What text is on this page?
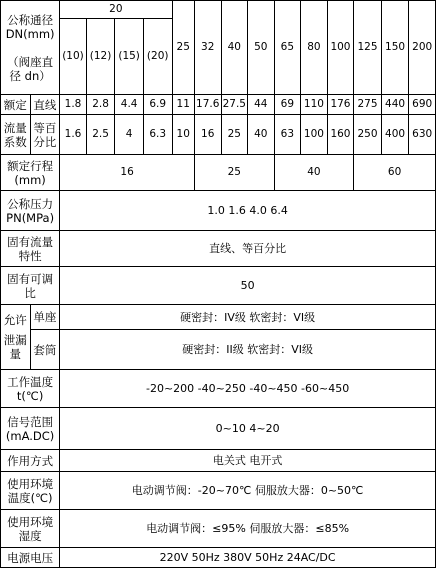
公称通径
DN(mm)
（阀座直
径 dn）		20				25	32	40	50	65	80	100	125	150	200
		(10)	(12)	(15)	(20)										
额定	直线	1.8	2.8	4.4	6.9	11	17.6	27.5	44	69	110	176	275	440	690

流量
系数	等百
分比	1.6	2.5	4	6.3	10	16	25	40	63	100	160	250	400	630

额定行程
(mm)		16					25			40			60		

公称压力
PN(MPa)		1.0 1.6 4.0 6.4													

固有流量
特性		直线、等百分比													

固有可调
比		50													

允许
泄漏
量	单座	硬密封：IV级 软密封：VI级													
	套筒	硬密封：II级 软密封：VI级													

工作温度
t(℃)		-20~200 -40~250 -40~450 -60~450													

信号范围
(mA.DC)		0~10 4~20													
作用方式		电关式 电开式													

使用环境
温度(℃)		电动调节阀：-20~70℃ 伺服放大器：0~50℃													

使用环境
湿度		电动调节阀：≤95% 伺服放大器：≤85%													
电源电压		220V 50Hz 380V 50Hz 24AC/DC													
